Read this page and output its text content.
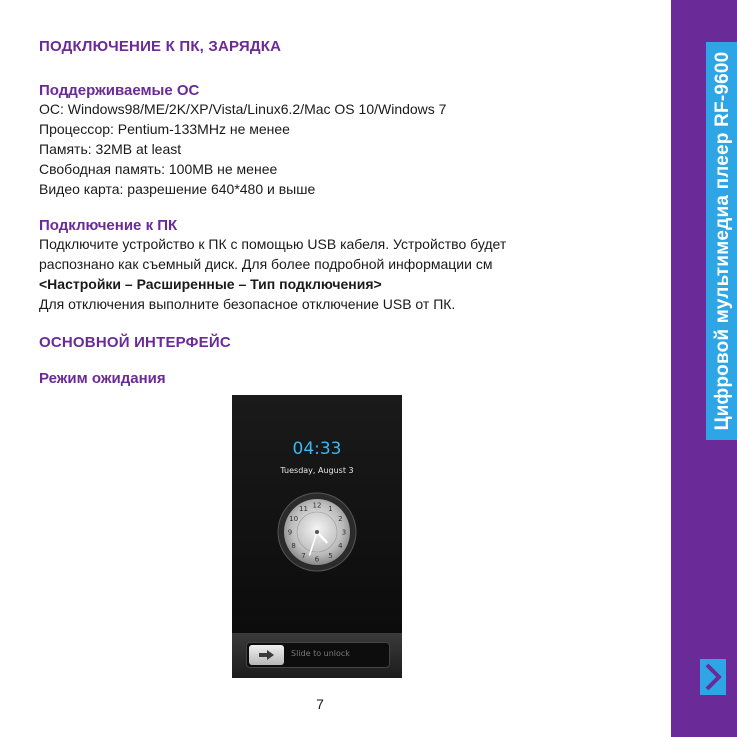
ПОДКЛЮЧЕНИЕ К ПК, ЗАРЯДКА

Поддерживаемые ОС

ОС: Windows98/ME/2K/XP/Vista/Linux6.2/Mac OS 10/Windows 7

Процессор: Pentium-133MHz не менее

Память: 32MB at least

Свободная память: 100MB не менее

Видео карта: разрешение 640*480 и выше

Подключение к ПК

Подключите устройство к ПК с помощью USB кабеля. Устройство будет

распознано как съемный диск. Для более подробной информации см

<Настройки – Расширенные – Тип подключения>

Для отключения выполните безопасное отключение USB от ПК.

ОСНОВНОЙ ИНТЕРФЕЙС

Режим ожидания

04:33
Tuesday, August 3
12 1
2
3
4
5
6
7
8
9
10
11
Slide to unlock
7
Цифровой мультимедиа плеер RF-9600
